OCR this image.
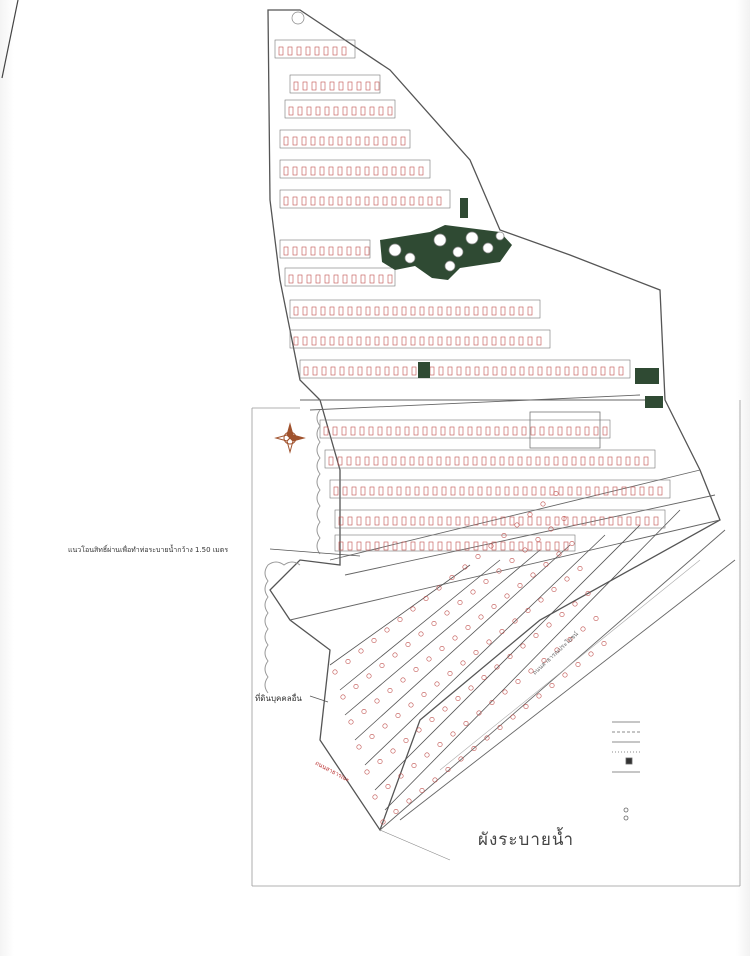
แนวโอนสิทธิ์ผ่านเพื่อทำท่อระบายน้ำกว้าง 1.50 เมตร
ที่ดินบุคคลอื่น
ผังระบายน้ำ
ถนนสาธารณประโยชน์
ถนนสาธารณะ
